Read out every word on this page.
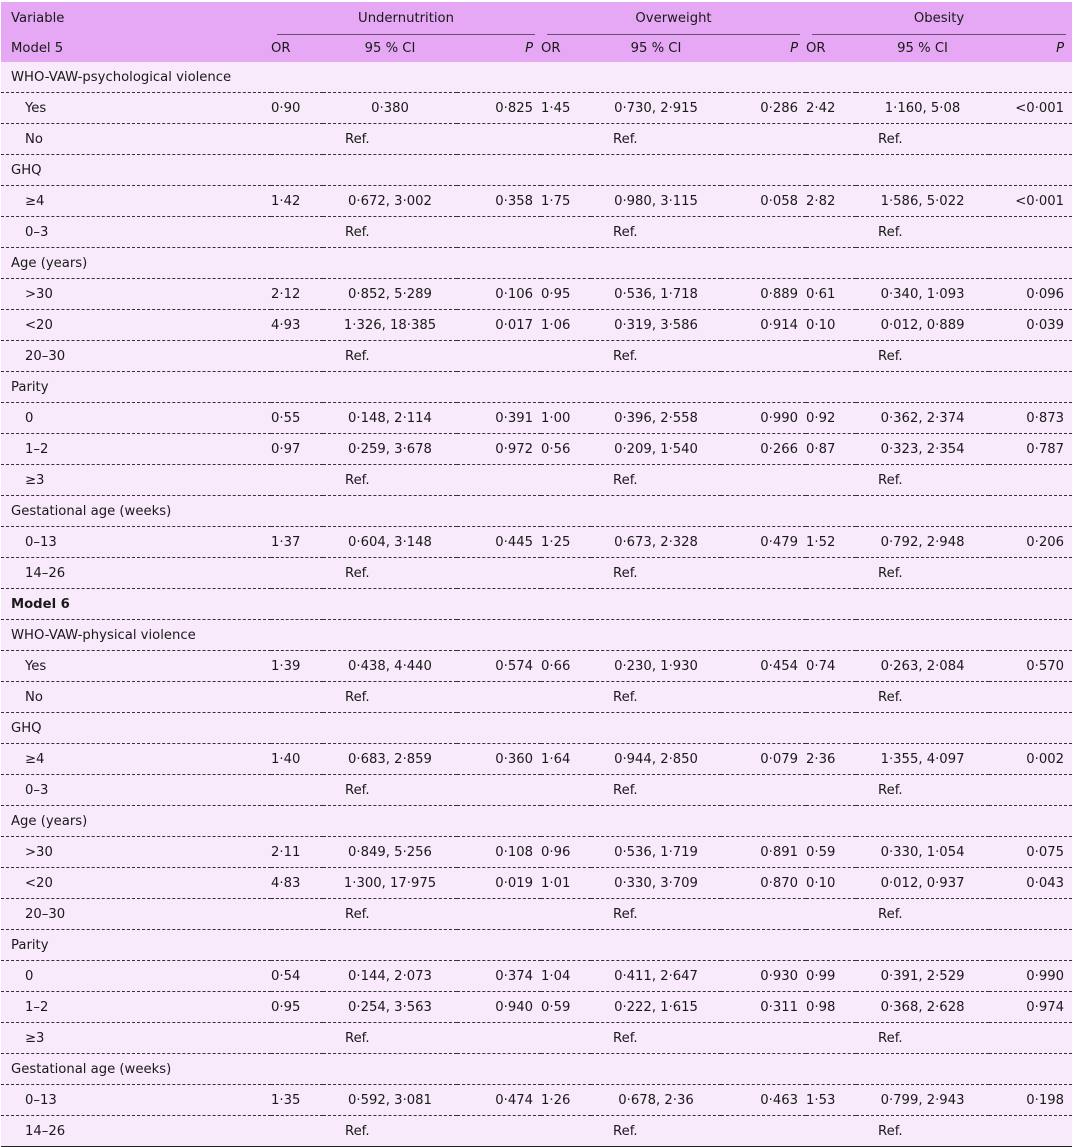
Variable	Undernutrition			Overweight			Obesity		

Model 5	OR	95 % CI	P	OR	95 % CI	P	OR	95 % CI	P
WHO-VAW-psychological violence									
Yes	0·90	0·380	0·825	1·45	0·730, 2·915	0·286	2·42	1·160, 5·08	<0·001
No		Ref.			Ref.			Ref.	
GHQ									
≥4	1·42	0·672, 3·002	0·358	1·75	0·980, 3·115	0·058	2·82	1·586, 5·022	<0·001
0–3		Ref.			Ref.			Ref.	
Age (years)									
>30	2·12	0·852, 5·289	0·106	0·95	0·536, 1·718	0·889	0·61	0·340, 1·093	0·096
<20	4·93	1·326, 18·385	0·017	1·06	0·319, 3·586	0·914	0·10	0·012, 0·889	0·039
20–30		Ref.			Ref.			Ref.	
Parity									
0	0·55	0·148, 2·114	0·391	1·00	0·396, 2·558	0·990	0·92	0·362, 2·374	0·873
1–2	0·97	0·259, 3·678	0·972	0·56	0·209, 1·540	0·266	0·87	0·323, 2·354	0·787
≥3		Ref.			Ref.			Ref.	
Gestational age (weeks)									
0–13	1·37	0·604, 3·148	0·445	1·25	0·673, 2·328	0·479	1·52	0·792, 2·948	0·206
14–26		Ref.			Ref.			Ref.	
Model 6									
WHO-VAW-physical violence									
Yes	1·39	0·438, 4·440	0·574	0·66	0·230, 1·930	0·454	0·74	0·263, 2·084	0·570
No		Ref.			Ref.			Ref.	
GHQ									
≥4	1·40	0·683, 2·859	0·360	1·64	0·944, 2·850	0·079	2·36	1·355, 4·097	0·002
0–3		Ref.			Ref.			Ref.	
Age (years)									
>30	2·11	0·849, 5·256	0·108	0·96	0·536, 1·719	0·891	0·59	0·330, 1·054	0·075
<20	4·83	1·300, 17·975	0·019	1·01	0·330, 3·709	0·870	0·10	0·012, 0·937	0·043
20–30		Ref.			Ref.			Ref.	
Parity									
0	0·54	0·144, 2·073	0·374	1·04	0·411, 2·647	0·930	0·99	0·391, 2·529	0·990
1–2	0·95	0·254, 3·563	0·940	0·59	0·222, 1·615	0·311	0·98	0·368, 2·628	0·974
≥3		Ref.			Ref.			Ref.	
Gestational age (weeks)									
0–13	1·35	0·592, 3·081	0·474	1·26	0·678, 2·36	0·463	1·53	0·799, 2·943	0·198
14–26		Ref.			Ref.			Ref.	
